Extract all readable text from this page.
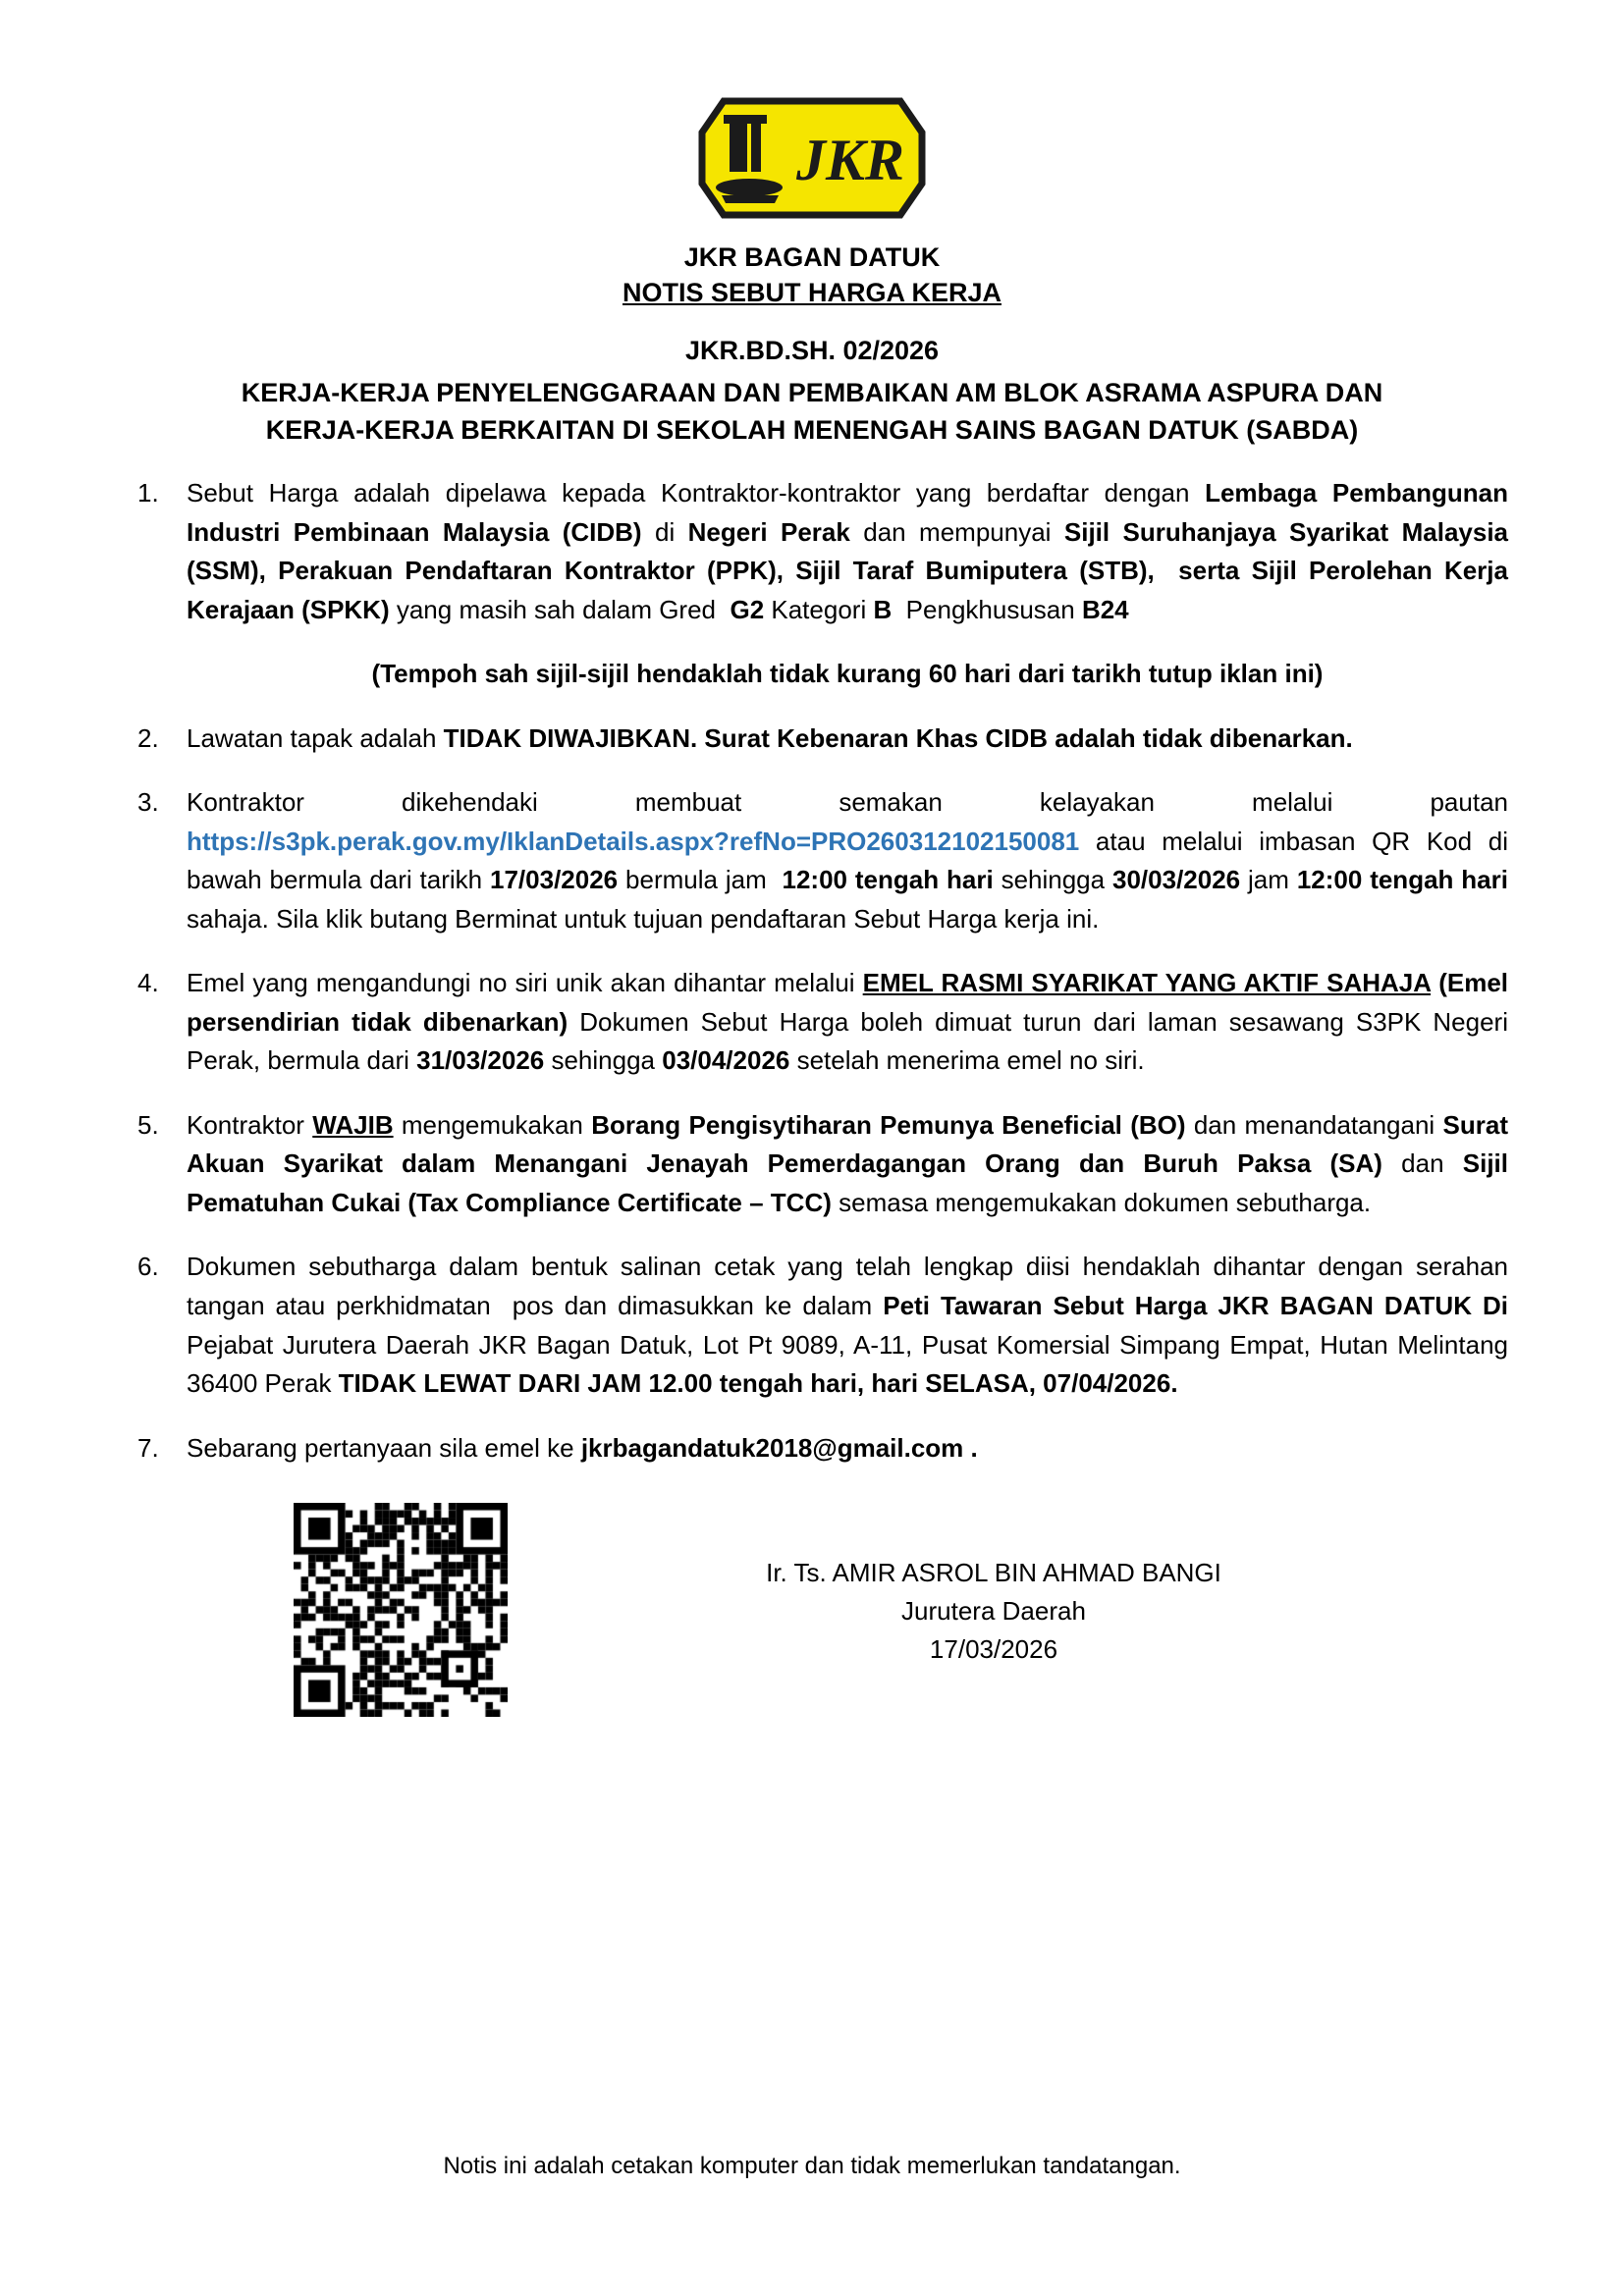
JKR
JKR BAGAN DATUK
NOTIS SEBUT HARGA KERJA
JKR.BD.SH. 02/2026
KERJA-KERJA PENYELENGGARAAN DAN PEMBAIKAN AM BLOK ASRAMA ASPURA DAN
KERJA-KERJA BERKAITAN DI SEKOLAH MENENGAH SAINS BAGAN DATUK (SABDA)
1.	Sebut Harga adalah dipelawa kepada Kontraktor-kontraktor yang berdaftar dengan Lembaga Pembangunan Industri Pembinaan Malaysia (CIDB) di Negeri Perak dan mempunyai Sijil Suruhanjaya Syarikat Malaysia (SSM), Perakuan Pendaftaran Kontraktor (PPK), Sijil Taraf Bumiputera (STB),  serta Sijil Perolehan Kerja Kerajaan (SPKK) yang masih sah dalam Gred  G2 Kategori B  Pengkhususan B24
(Tempoh sah sijil-sijil hendaklah tidak kurang 60 hari dari tarikh tutup iklan ini)
2.	Lawatan tapak adalah TIDAK DIWAJIBKAN. Surat Kebenaran Khas CIDB adalah tidak dibenarkan.
3.	Kontraktor dikehendaki membuat semakan kelayakan melalui pautan https://s3pk.perak.gov.my/IklanDetails.aspx?refNo=PRO260312102150081 atau melalui imbasan QR Kod di bawah bermula dari tarikh 17/03/2026 bermula jam  12:00 tengah hari sehingga 30/03/2026 jam 12:00 tengah hari sahaja. Sila klik butang Berminat untuk tujuan pendaftaran Sebut Harga kerja ini.
4.	Emel yang mengandungi no siri unik akan dihantar melalui EMEL RASMI SYARIKAT YANG AKTIF SAHAJA (Emel persendirian tidak dibenarkan) Dokumen Sebut Harga boleh dimuat turun dari laman sesawang S3PK Negeri Perak, bermula dari 31/03/2026 sehingga 03/04/2026 setelah menerima emel no siri.
5.	Kontraktor WAJIB mengemukakan Borang Pengisytiharan Pemunya Beneficial (BO) dan menandatangani Surat Akuan Syarikat dalam Menangani Jenayah Pemerdagangan Orang dan Buruh Paksa (SA) dan Sijil Pematuhan Cukai (Tax Compliance Certificate – TCC) semasa mengemukakan dokumen sebutharga.
6.	Dokumen sebutharga dalam bentuk salinan cetak yang telah lengkap diisi hendaklah dihantar dengan serahan tangan atau perkhidmatan  pos dan dimasukkan ke dalam Peti Tawaran Sebut Harga JKR BAGAN DATUK Di Pejabat Jurutera Daerah JKR Bagan Datuk, Lot Pt 9089, A-11, Pusat Komersial Simpang Empat, Hutan Melintang 36400 Perak TIDAK LEWAT DARI JAM 12.00 tengah hari, hari SELASA, 07/04/2026.
7.	Sebarang pertanyaan sila emel ke jkrbagandatuk2018@gmail.com .
Ir. Ts. AMIR ASROL BIN AHMAD BANGI
Jurutera Daerah
17/03/2026
Notis ini adalah cetakan komputer dan tidak memerlukan tandatangan.
